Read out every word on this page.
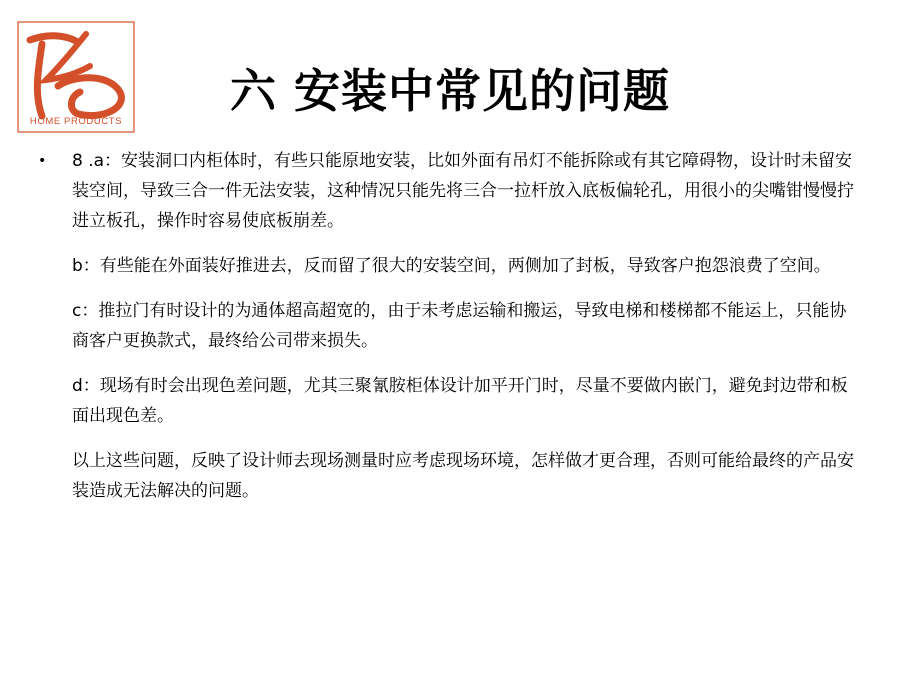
HOME PRODUCTS
六 安装中常见的问题
• 8 .a：安装洞口内柜体时，有些只能原地安装，比如外面有吊灯不能拆除或有其它障碍物，设计时未留安装空间，导致三合一件无法安装，这种情况只能先将三合一拉杆放入底板偏轮孔，用很小的尖嘴钳慢慢拧进立板孔，操作时容易使底板崩差。

b：有些能在外面装好推进去，反而留了很大的安装空间，两侧加了封板，导致客户抱怨浪费了空间。

c：推拉门有时设计的为通体超高超宽的，由于未考虑运输和搬运，导致电梯和楼梯都不能运上，只能协商客户更换款式，最终给公司带来损失。

d：现场有时会出现色差问题，尤其三聚氰胺柜体设计加平开门时，尽量不要做内嵌门，避免封边带和板面出现色差。

以上这些问题，反映了设计师去现场测量时应考虑现场环境，怎样做才更合理，否则可能给最终的产品安装造成无法解决的问题。
